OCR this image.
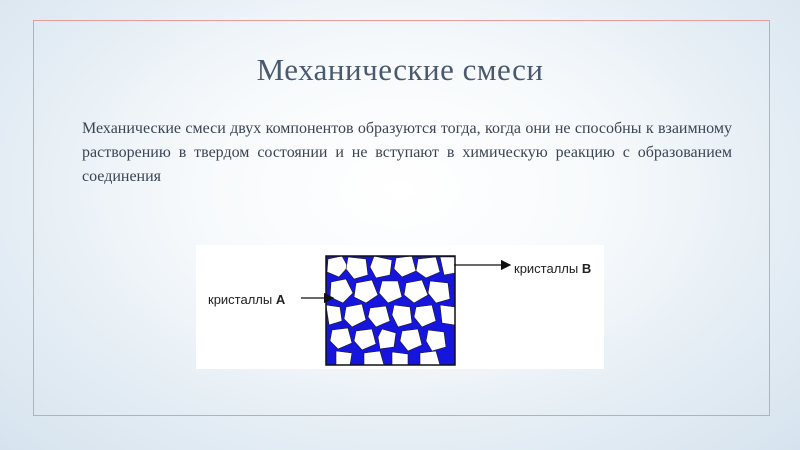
Механические смеси

Механические смеси двух компонентов образуются тогда, когда они не способны к взаимному растворению в твердом состоянии и не вступают в химическую реакцию с образованием соединения

кристаллы В
кристаллы А
